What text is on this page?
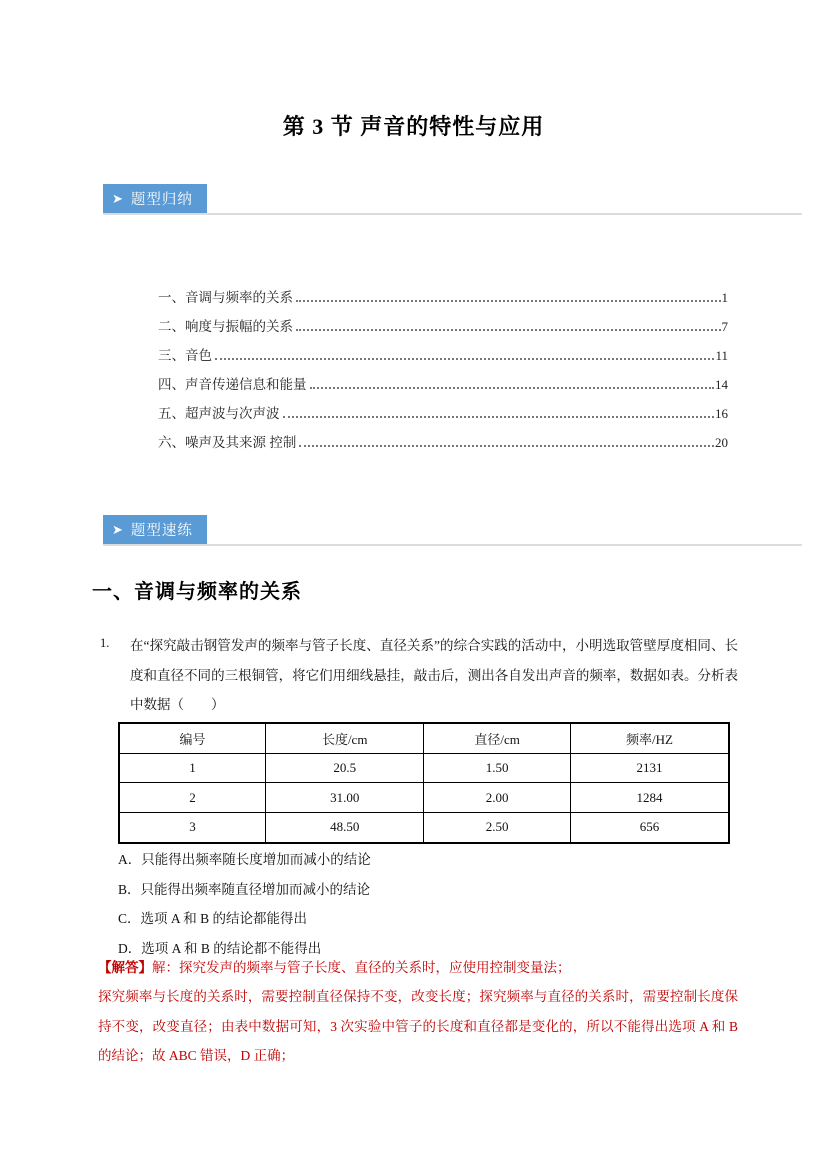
第 3 节 声音的特性与应用
➤ 题型归纳
一、音调与频率的关系	1
二、响度与振幅的关系	7
三、音色	11
四、声音传递信息和能量	14
五、超声波与次声波	16
六、噪声及其来源 控制	20
➤ 题型速练
一、音调与频率的关系
1. 在“探究敲击钢管发声的频率与管子长度、直径关系”的综合实践的活动中，小明选取管壁厚度相同、长度和直径不同的三根铜管，将它们用细线悬挂，敲击后，测出各自发出声音的频率，数据如表。分析表中数据（　　）
编号	长度/cm	直径/cm	频率/HZ
1	20.5	1.50	2131
2	31.00	2.00	1284
3	48.50	2.50	656
A．只能得出频率随长度增加而减小的结论
B．只能得出频率随直径增加而减小的结论
C．选项 A 和 B 的结论都能得出
D．选项 A 和 B 的结论都不能得出
【解答】解：探究发声的频率与管子长度、直径的关系时，应使用控制变量法；
探究频率与长度的关系时，需要控制直径保持不变，改变长度；探究频率与直径的关系时，需要控制长度保持不变，改变直径；由表中数据可知，3 次实验中管子的长度和直径都是变化的，所以不能得出选项 A 和 B 的结论；故 ABC 错误，D 正确；
